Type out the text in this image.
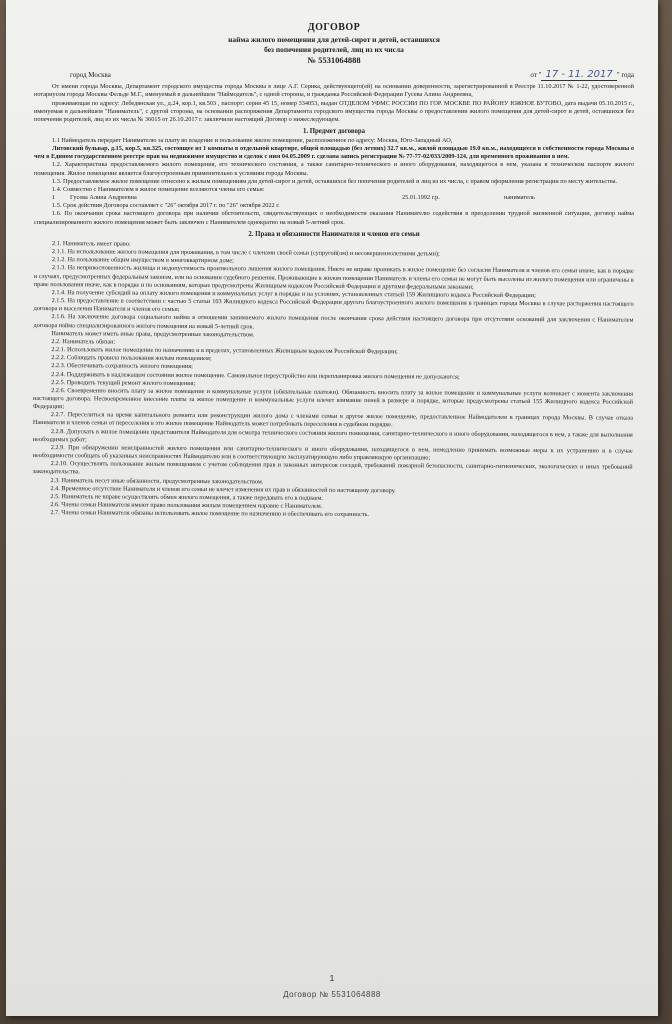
ДОГОВОР
найма жилого помещения для детей-сирот и детей, оставшихся
без попечения родителей, лиц из их числа
№ 5531064888
город Москва	от " 17 - 11. 2017 " года

От имени города Москвы, Департамент городского имущества города Москвы в лице А.Г. Серика, действующего(ей) на основании доверенности, зарегистрированной в Реестре 11.10.2017 № 1-22, удостоверенной нотариусом города Москвы Фельде М.Г., именуемый в дальнейшем "Наймодатель", с одной стороны, и гражданка Российской Федерации Гусева Алина Андреевна,

проживающая по адресу: Лебедянская ул., д.24, кор.1, кв.503 , паспорт: серия 45 15, номер 334053, выдан ОТДЕЛОМ УФМС РОССИИ ПО ГОР. МОСКВЕ ПО РАЙОНУ ЮЖНОЕ БУТОВО, дата выдачи 05.10.2015 г., именуемая в дальнейшем "Наниматель", с другой стороны, на основании распоряжения Департамента городского имущества города Москвы о предоставлении жилого помещения для детей-сирот и детей, оставшихся без попечения родителей, лиц из их числа № 36015 от 26.10.2017 г. заключили настоящий Договор о нижеследующем.

1. Предмет договора

1.1 Наймодатель передает Нанимателю за плату во владение и пользование жилое помещение, расположенное по адресу: Москва, Юго-Западный АО,

Литовский бульвар, д.15, кор.5, кв.325, состоящее из 1 комнаты в отдельной квартире, общей площадью (без летних) 32.7 кв.м., жилой площадью 19.0 кв.м., находящееся в собственности города Москвы о чем в Едином государственном реестре прав на недвижимое имущество и сделок с ним 04.05.2009 г. сделана запись регистрации № 77-77-02/033/2009-124, для временного проживания в нем.

1.2. Характеристика предоставляемого жилого помещения, его технического состояния, а также санитарно-технического и иного оборудования, находящегося в нем, указана в техническом паспорте жилого помещения. Жилое помещение является благоустроенным применительно к условиям города Москвы.

1.3. Предоставляемое жилое помещение отнесено к жилым помещениям для детей-сирот и детей, оставшихся без попечения родителей и лиц из их числа, с правом оформления регистрации по месту жительства.

1.4. Совместно с Нанимателем в жилое помещение вселяются члены его семьи:

1 Гусева Алина Андреевна	25.01.1992 г.р.	наниматель

1.5. Срок действия Договора составляет с "26" октября 2017 г. по "26" октября 2022 г.

1.6. По окончании срока настоящего договора при наличии обстоятельств, свидетельствующих о необходимости оказания Нанимателю содействия в преодолении трудной жизненной ситуации, договор найма специализированного жилого помещения может быть заключен с Нанимателем однократно на новый 5-летний срок.

2. Права и обязанности Нанимателя и членов его семьи

2.1. Наниматель имеет право:

2.1.1. На использование жилого помещения для проживания, в том числе с членами своей семьи (супругой(ом) и несовершеннолетними детьми);

2.1.2. На пользование общим имуществом в многоквартирном доме;

2.1.3. На неприкосновенность жилища и недопустимость произвольного лишения жилого помещения. Никто не вправе проникать в жилое помещение без согласия Нанимателя и членов его семьи иначе, как в порядке и случаях, предусмотренных федеральным законом, или на основании судебного решения. Проживающие в жилом помещении Наниматель и члены его семьи не могут быть выселены из жилого помещения или ограничены в праве пользования иначе, как в порядке и по основаниям, которые предусмотрены Жилищным кодексом Российской Федерации и другими федеральными законами;

2.1.4. На получение субсидий на оплату жилого помещения и коммунальных услуг в порядке и на условиях, установленных статьей 159 Жилищного кодекса Российской Федерации;

2.1.5. На предоставление в соответствии с частью 5 статьи 103 Жилищного кодекса Российской Федерации другого благоустроенного жилого помещения в границах города Москвы в случае расторжения настоящего договора и выселения Нанимателя и членов его семьи;

2.1.6. На заключение договора социального найма в отношении занимаемого жилого помещения после окончания срока действия настоящего договора при отсутствии оснований для заключения с Нанимателем договора найма специализированного жилого помещения на новый 5-летний срок.

Наниматель может иметь иные права, предусмотренные законодательством.

2.2. Наниматель обязан:

2.2.1. Использовать жилое помещение по назначению и в пределах, установленных Жилищным кодексом Российской Федерации;

2.2.2. Соблюдать правила пользования жилым помещением;

2.2.3. Обеспечивать сохранность жилого помещения;

2.2.4. Поддерживать в надлежащем состоянии жилое помещение. Самовольное переустройство или перепланировка жилого помещения не допускаются;

2.2.5. Проводить текущий ремонт жилого помещения;

2.2.6. Своевременно вносить плату за жилое помещение и коммунальные услуги (обязательные платежи). Обязанность вносить плату за жилое помещение и коммунальные услуги возникает с момента заключения настоящего договора. Несвоевременное внесение платы за жилое помещение и коммунальные услуги влечет взимание пеней в размере и порядке, которые предусмотрены статьей 155 Жилищного кодекса Российской Федерации;

2.2.7. Переселиться на время капитального ремонта или реконструкции жилого дома с членами семьи в другое жилое помещение, предоставленное Наймодателем в границах города Москвы. В случае отказа Нанимателя и членов семьи от переселения в это жилое помещение Наймодатель может потребовать переселения в судебном порядке.

2.2.8. Допускать в жилое помещение представителя Наймодателя для осмотра технического состояния жилого помещения, санитарно-технического и иного оборудования, находящегося в нем, а также для выполнения необходимых работ;

2.2.9. При обнаружении неисправностей жилого помещения или санитарно-технического и иного оборудования, находящегося в нем, немедленно принимать возможные меры к их устранению и в случае необходимости сообщать об указанных неисправностях Наймодателю или в соответствующую эксплуатирующую либо управляющую организацию;

2.2.10. Осуществлять пользование жилым помещением с учетом соблюдения прав и законных интересов соседей, требований пожарной безопасности, санитарно-гигиенических, экологических и иных требований законодательства.

2.3. Наниматель несет иные обязанности, предусмотренные законодательством.

2.4. Временное отсутствие Нанимателя и членов его семьи не влечет изменения их прав и обязанностей по настоящему договору.

2.5. Наниматель не вправе осуществлять обмен жилого помещения, а также передавать его в поднаем.

2.6. Члены семьи Нанимателя имеют право пользования жилым помещением наравне с Нанимателем.

2.7. Члены семьи Нанимателя обязаны использовать жилое помещение по назначению и обеспечивать его сохранность.

1
Договор № 5531064888
